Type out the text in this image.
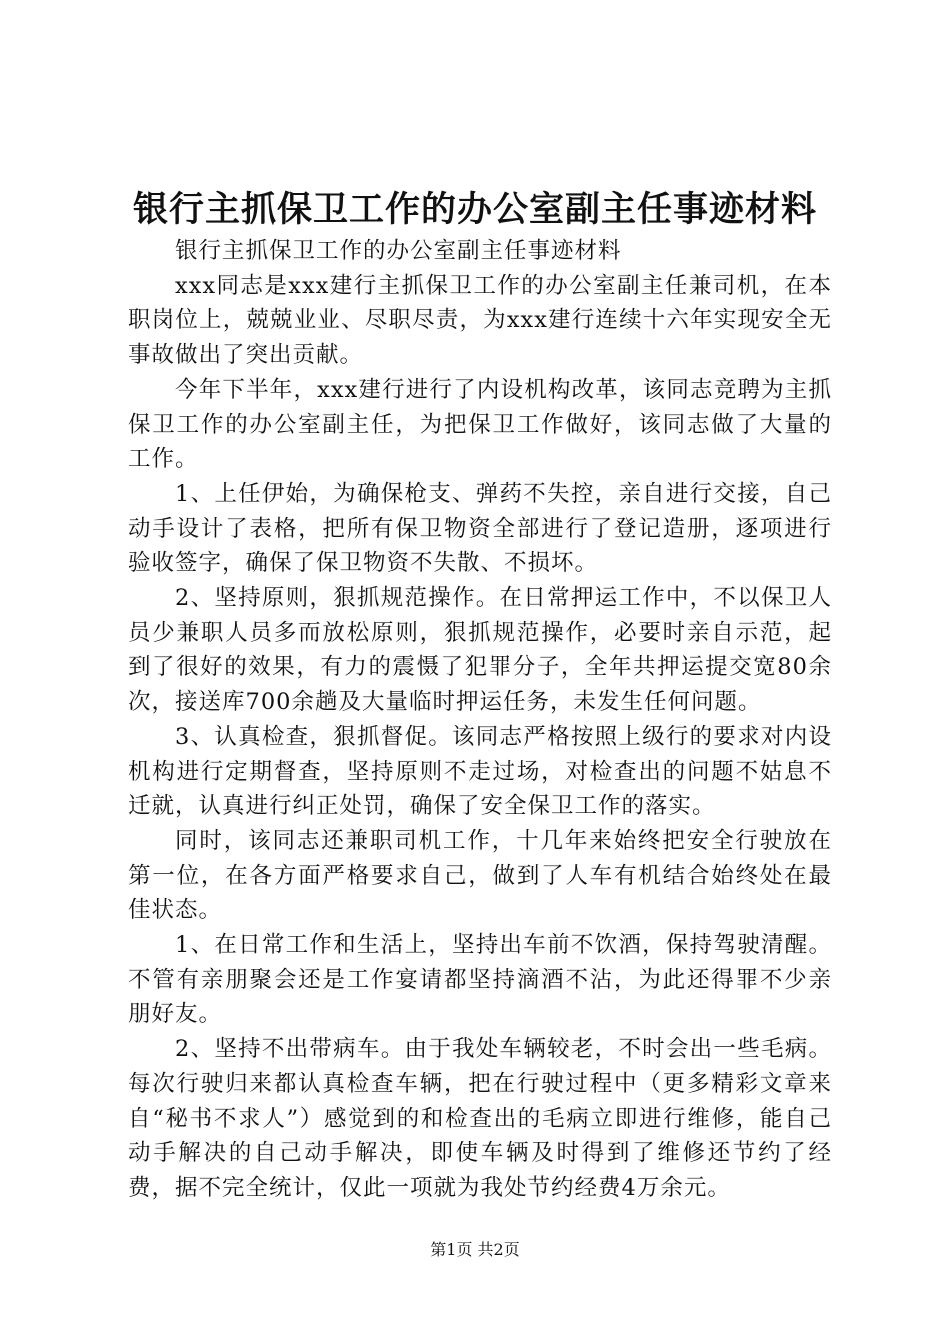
银行主抓保卫工作的办公室副主任事迹材料

银行主抓保卫工作的办公室副主任事迹材料

xxx同志是xxx建行主抓保卫工作的办公室副主任兼司机，在本职岗位上，兢兢业业、尽职尽责，为xxx建行连续十六年实现安全无事故做出了突出贡献。

今年下半年，xxx建行进行了内设机构改革，该同志竞聘为主抓保卫工作的办公室副主任，为把保卫工作做好，该同志做了大量的工作。

1、上任伊始，为确保枪支、弹药不失控，亲自进行交接，自己动手设计了表格，把所有保卫物资全部进行了登记造册，逐项进行验收签字，确保了保卫物资不失散、不损坏。

2、坚持原则，狠抓规范操作。在日常押运工作中，不以保卫人员少兼职人员多而放松原则，狠抓规范操作，必要时亲自示范，起到了很好的效果，有力的震慑了犯罪分子，全年共押运提交宽80余次，接送库700余趟及大量临时押运任务，未发生任何问题。

3、认真检查，狠抓督促。该同志严格按照上级行的要求对内设机构进行定期督查，坚持原则不走过场，对检查出的问题不姑息不迁就，认真进行纠正处罚，确保了安全保卫工作的落实。

同时，该同志还兼职司机工作，十几年来始终把安全行驶放在第一位，在各方面严格要求自己，做到了人车有机结合始终处在最佳状态。

1、在日常工作和生活上，坚持出车前不饮酒，保持驾驶清醒。不管有亲朋聚会还是工作宴请都坚持滴酒不沾，为此还得罪不少亲朋好友。

2、坚持不出带病车。由于我处车辆较老，不时会出一些毛病。每次行驶归来都认真检查车辆，把在行驶过程中（更多精彩文章来自“秘书不求人”）感觉到的和检查出的毛病立即进行维修，能自己动手解决的自己动手解决，即使车辆及时得到了维修还节约了经费，据不完全统计，仅此一项就为我处节约经费4万余元。

第1页 共2页
